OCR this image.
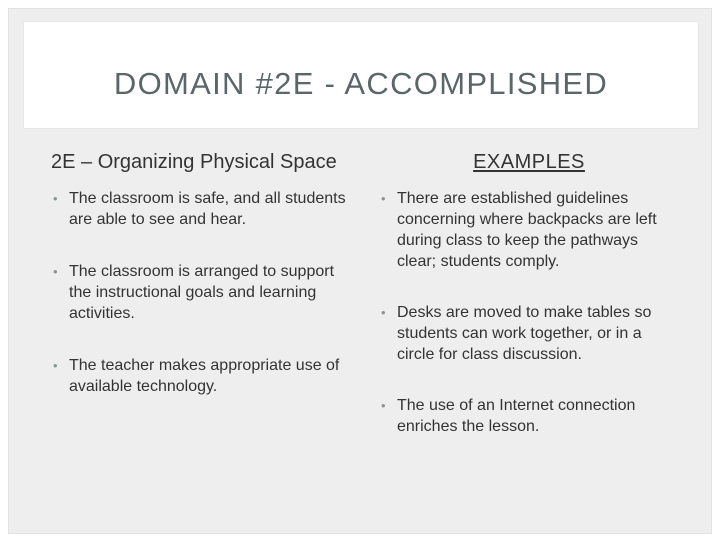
DOMAIN #2E - ACCOMPLISHED
2E – Organizing Physical Space
• The classroom is safe, and all students are able to see and hear.
• The classroom is arranged to support the instructional goals and learning activities.
• The teacher makes appropriate use of available technology.
EXAMPLES
• There are established guidelines concerning where backpacks are left during class to keep the pathways clear; students comply.
• Desks are moved to make tables so students can work together, or in a circle for class discussion.
• The use of an Internet connection enriches the lesson.
